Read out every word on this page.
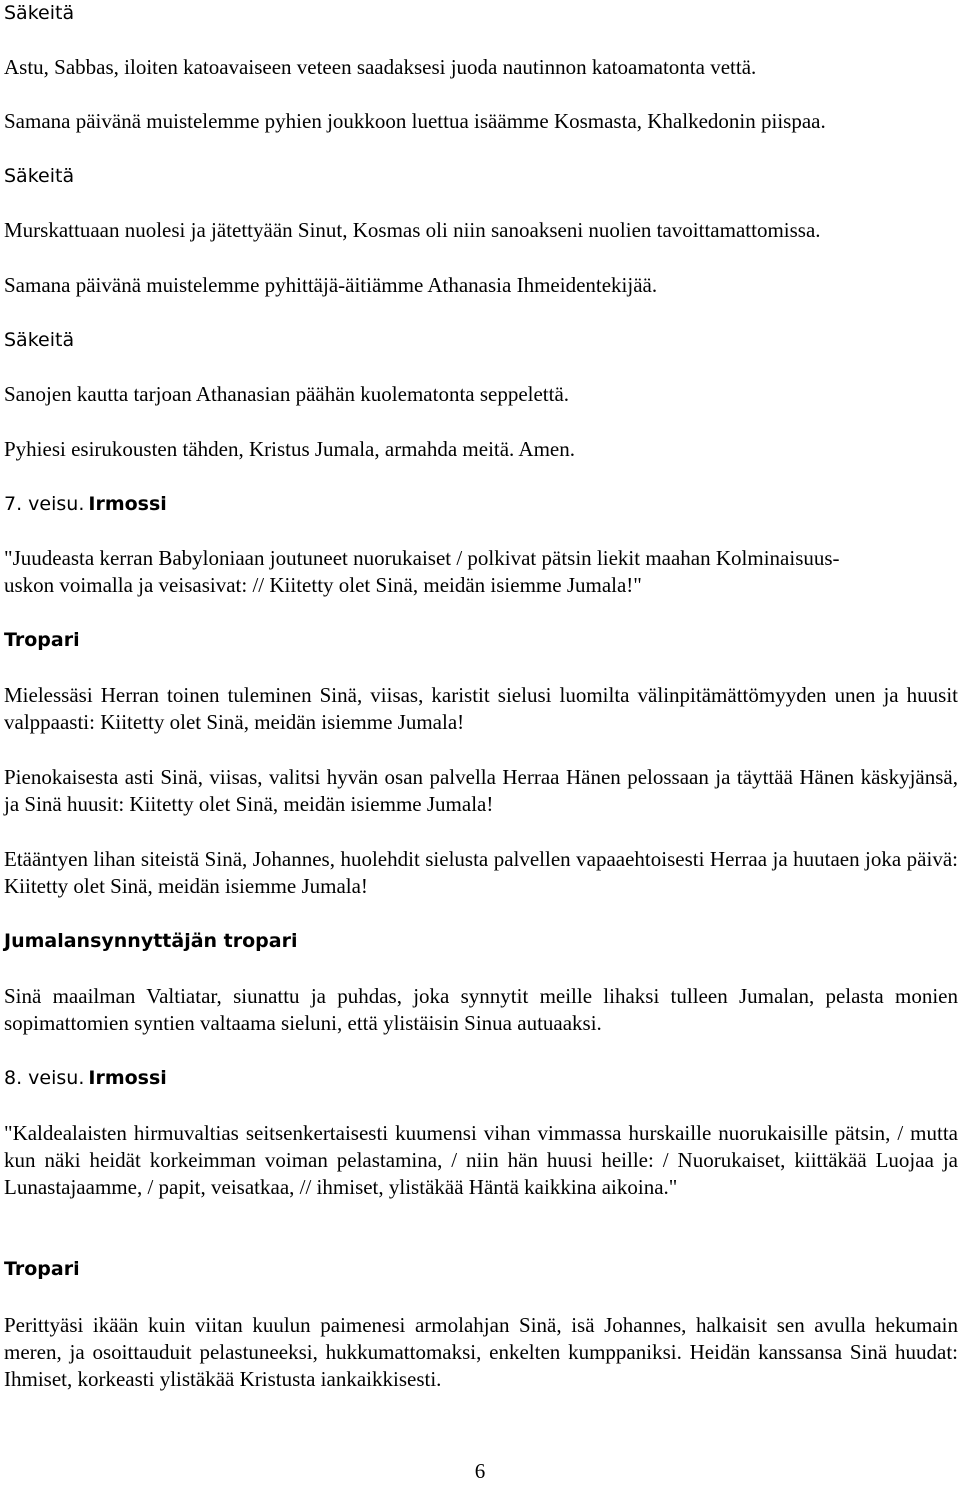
Säkeitä
Astu, Sabbas, iloiten katoavaiseen veteen saadaksesi juoda nautinnon katoamatonta vettä.
Samana päivänä muistelemme pyhien joukkoon luettua isäämme Kosmasta, Khalkedonin piispaa.
Säkeitä
Murskattuaan nuolesi ja jätettyään Sinut, Kosmas oli niin sanoakseni nuolien tavoittamattomissa.
Samana päivänä muistelemme pyhittäjä-äitiämme Athanasia Ihmeidentekijää.
Säkeitä
Sanojen kautta tarjoan Athanasian päähän kuolematonta seppelettä.
Pyhiesi esirukousten tähden, Kristus Jumala, armahda meitä. Amen.
7. veisu. Irmossi
"Juudeasta kerran Babyloniaan joutuneet nuorukaiset / polkivat pätsin liekit maahan Kolminaisuus-
uskon voimalla ja veisasivat: // Kiitetty olet Sinä, meidän isiemme Jumala!"
Tropari

Mielessäsi Herran toinen tuleminen Sinä, viisas, karistit sielusi luomilta välinpitämättömyyden unen ja huusit valppaasti: Kiitetty olet Sinä, meidän isiemme Jumala!

Pienokaisesta asti Sinä, viisas, valitsi hyvän osan palvella Herraa Hänen pelossaan ja täyttää Hänen käskyjänsä, ja Sinä huusit: Kiitetty olet Sinä, meidän isiemme Jumala!

Etääntyen lihan siteistä Sinä, Johannes, huolehdit sielusta palvellen vapaaehtoisesti Herraa ja huutaen joka päivä: Kiitetty olet Sinä, meidän isiemme Jumala!

Jumalansynnyttäjän tropari

Sinä maailman Valtiatar, siunattu ja puhdas, joka synnytit meille lihaksi tulleen Jumalan, pelasta monien sopimattomien syntien valtaama sieluni, että ylistäisin Sinua autuaaksi.

8. veisu. Irmossi

"Kaldealaisten hirmuvaltias seitsenkertaisesti kuumensi vihan vimmassa hurskaille nuorukaisille pätsin, / mutta kun näki heidät korkeimman voiman pelastamina, / niin hän huusi heille: / Nuorukaiset, kiittäkää Luojaa ja Lunastajaamme, / papit, veisatkaa, // ihmiset, ylistäkää Häntä kaikkina aikoina."

Tropari

Perittyäsi ikään kuin viitan kuulun paimenesi armolahjan Sinä, isä Johannes, halkaisit sen avulla hekumain meren, ja osoittauduit pelastuneeksi, hukkumattomaksi, enkelten kumppaniksi. Heidän kanssansa Sinä huudat: Ihmiset, korkeasti ylistäkää Kristusta iankaikkisesti.

6
